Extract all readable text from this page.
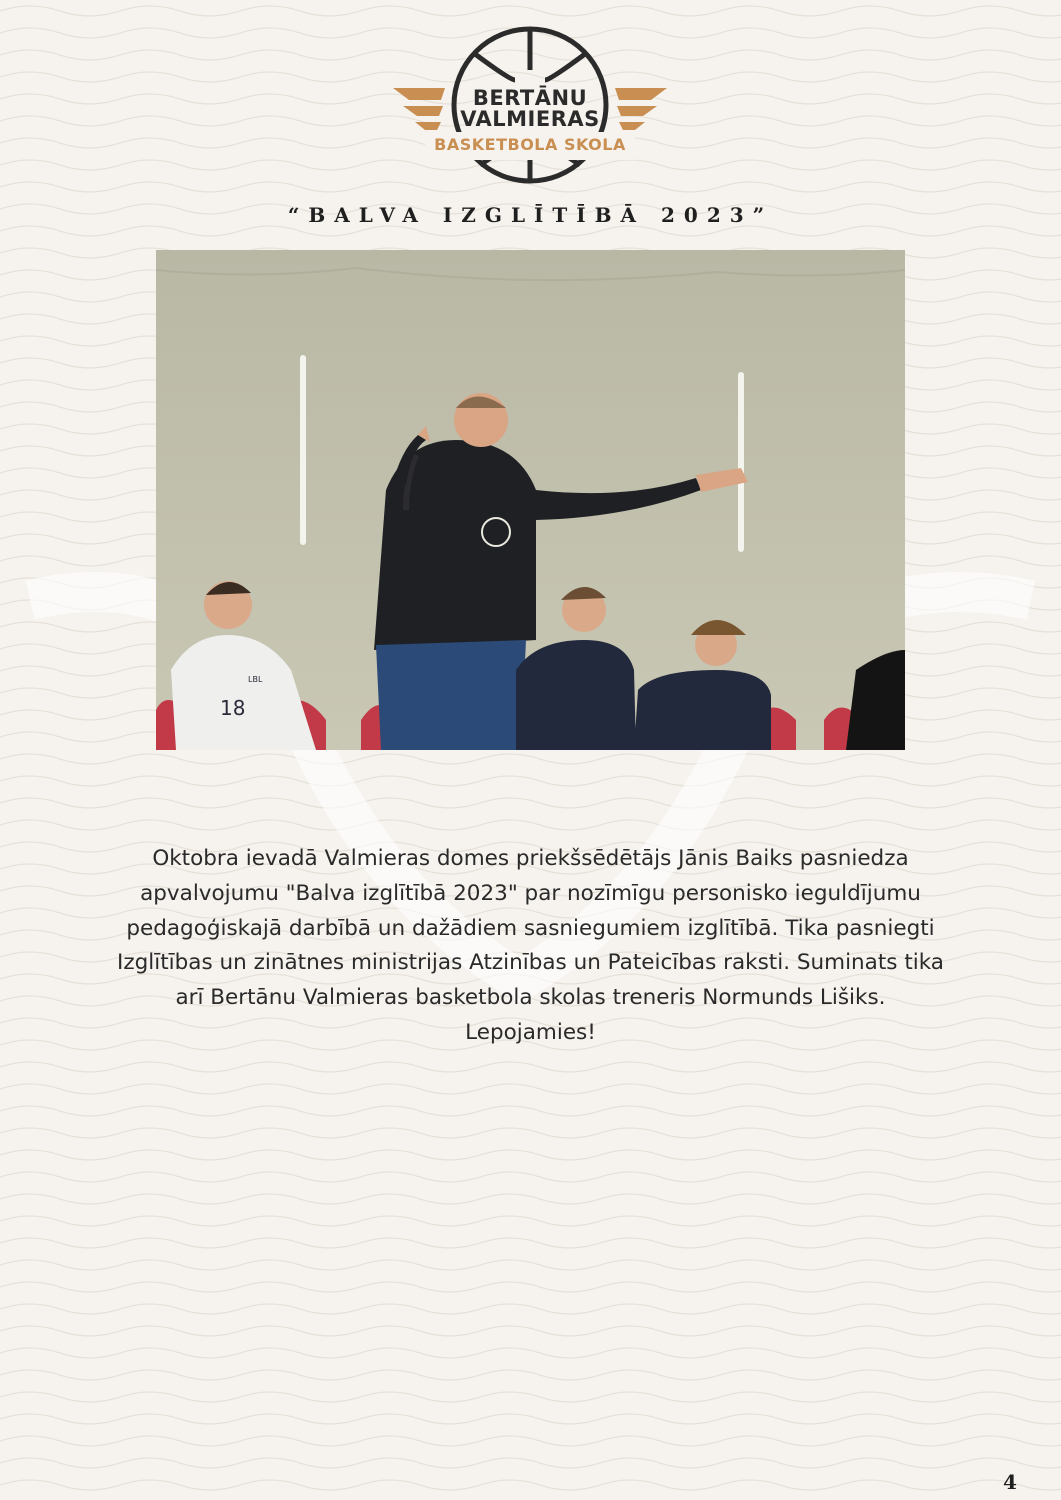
BERTĀNU
VALMIERAS
BASKETBOLA SKOLA
“BALVA IZGLĪTĪBĀ 2023”
18
LBL
Oktobra ievadā Valmieras domes priekšsēdētājs Jānis Baiks pasniedza
apvalvojumu "Balva izglītībā 2023" par nozīmīgu personisko ieguldījumu
pedagoģiskajā darbībā un dažādiem sasniegumiem izglītībā. Tika pasniegti
Izglītības un zinātnes ministrijas Atzinības un Pateicības raksti. Suminats tika
arī Bertānu Valmieras basketbola skolas treneris Normunds Lišiks.
Lepojamies!
4
